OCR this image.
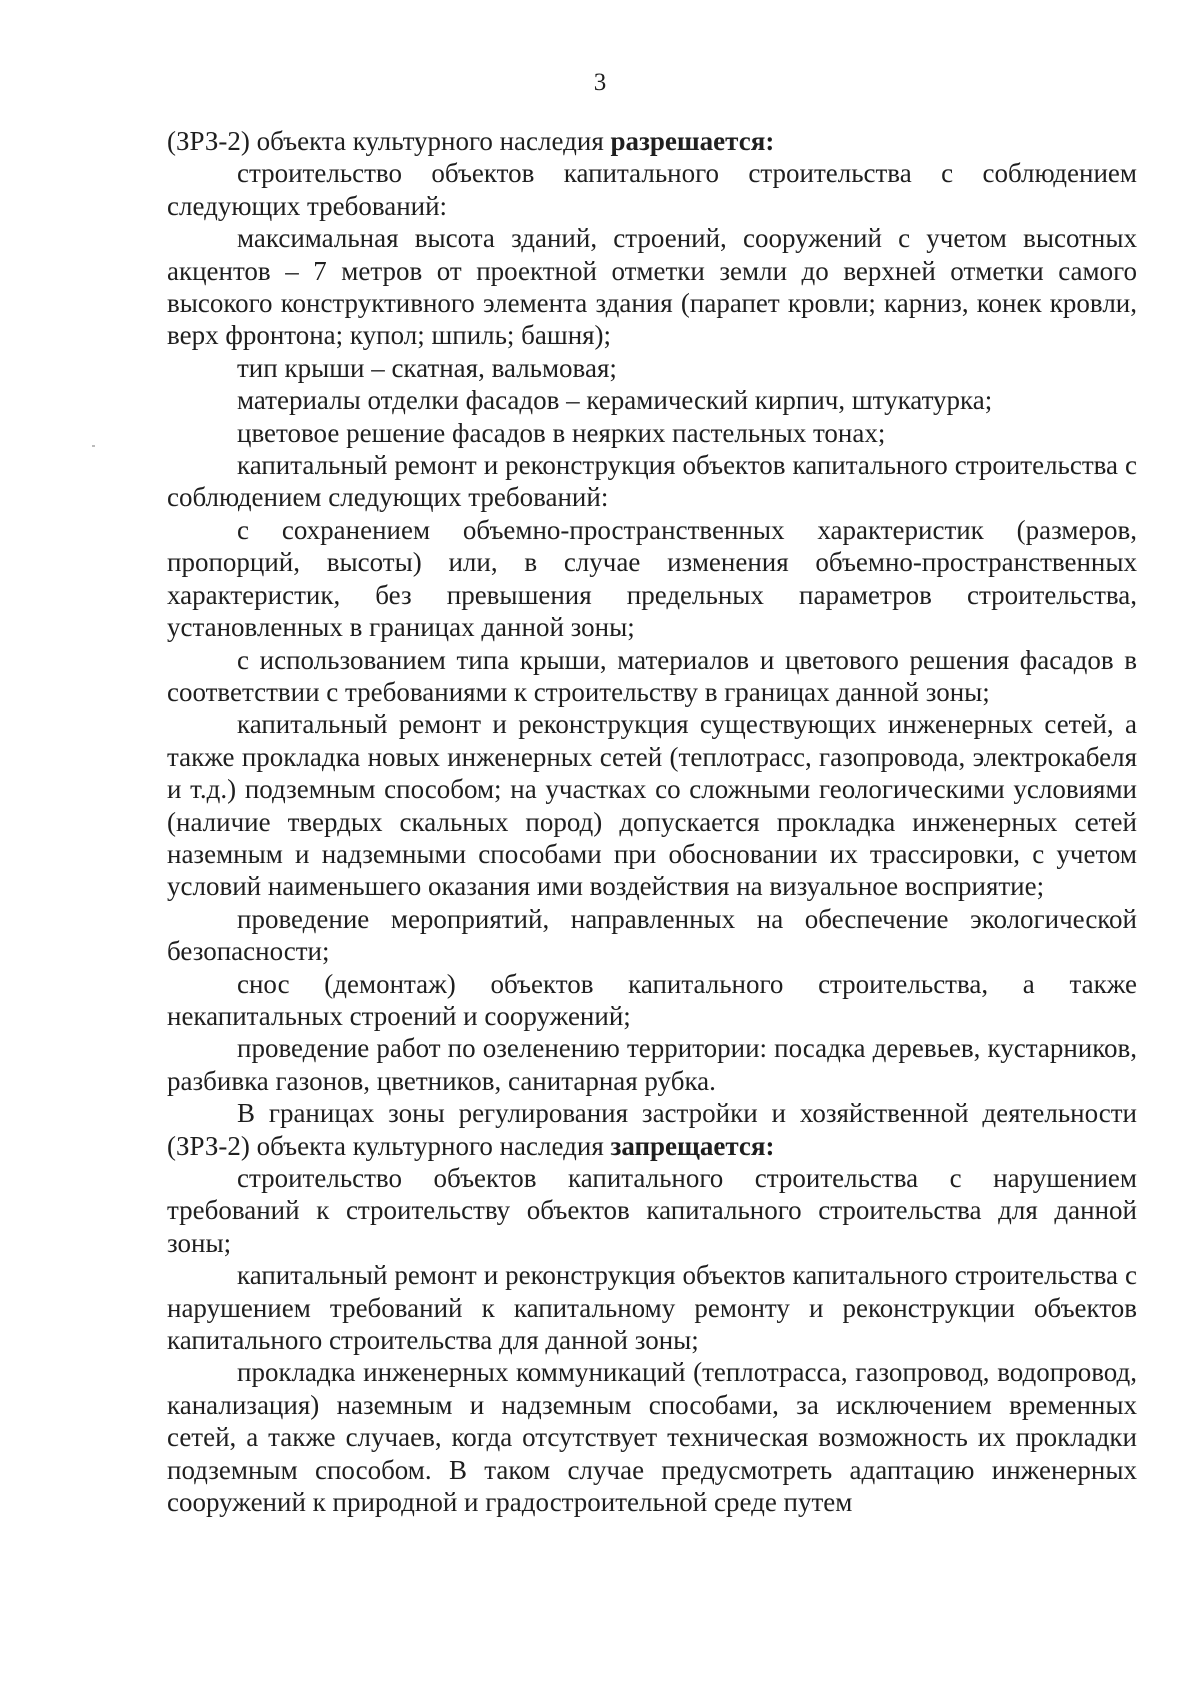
3

(ЗРЗ-2) объекта культурного наследия разрешается:

строительство объектов капитального строительства с соблюдением следующих требований:

максимальная высота зданий, строений, сооружений с учетом высотных акцентов – 7 метров от проектной отметки земли до верхней отметки самого высокого конструктивного элемента здания (парапет кровли; карниз, конек кровли, верх фронтона; купол; шпиль; башня);

тип крыши – скатная, вальмовая;

материалы отделки фасадов – керамический кирпич, штукатурка;

цветовое решение фасадов в неярких пастельных тонах;

капитальный ремонт и реконструкция объектов капитального строительства с соблюдением следующих требований:

с сохранением объемно-пространственных характеристик (размеров, пропорций, высоты) или, в случае изменения объемно-пространственных характеристик, без превышения предельных параметров строительства, установленных в границах данной зоны;

с использованием типа крыши, материалов и цветового решения фасадов в соответствии с требованиями к строительству в границах данной зоны;

капитальный ремонт и реконструкция существующих инженерных сетей, а также прокладка новых инженерных сетей (теплотрасс, газопровода, электрокабеля и т.д.) подземным способом; на участках со сложными геологическими условиями (наличие твердых скальных пород) допускается прокладка инженерных сетей наземным и надземными способами при обосновании их трассировки, с учетом условий наименьшего оказания ими воздействия на визуальное восприятие;

проведение мероприятий, направленных на обеспечение экологической безопасности;

снос (демонтаж) объектов капитального строительства, а также некапитальных строений и сооружений;

проведение работ по озеленению территории: посадка деревьев, кустарников, разбивка газонов, цветников, санитарная рубка.

В границах зоны регулирования застройки и хозяйственной деятельности (ЗРЗ-2) объекта культурного наследия запрещается:

строительство объектов капитального строительства с нарушением требований к строительству объектов капитального строительства для данной зоны;

капитальный ремонт и реконструкция объектов капитального строительства с нарушением требований к капитальному ремонту и реконструкции объектов капитального строительства для данной зоны;

прокладка инженерных коммуникаций (теплотрасса, газопровод, водопровод, канализация) наземным и надземным способами, за исключением временных сетей, а также случаев, когда отсутствует техническая возможность их прокладки подземным способом. В таком случае предусмотреть адаптацию инженерных сооружений к природной и градостроительной среде путем
